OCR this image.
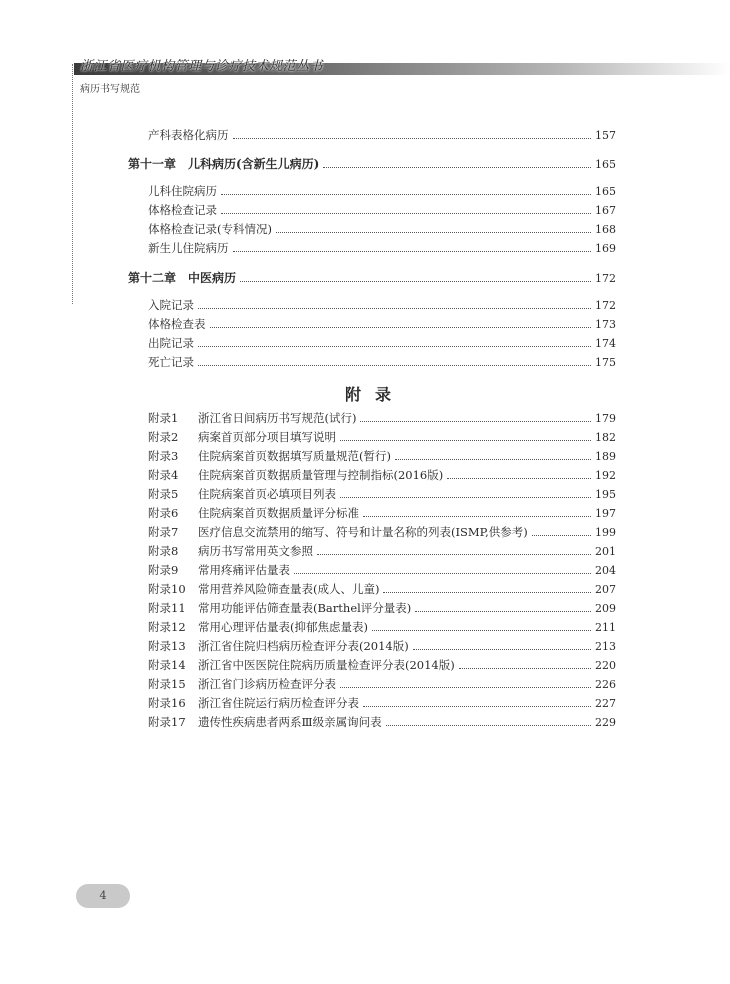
浙江省医疗机构管理与诊疗技术规范丛书
病历书写规范
产科表格化病历	157
第十一章　儿科病历(含新生儿病历)	165
儿科住院病历	165
体格检查记录	167
体格检查记录(专科情况)	168
新生儿住院病历	169
第十二章　中医病历	172
入院记录	172
体格检查表	173
出院记录	174
死亡记录	175
附录
附录1 浙江省日间病历书写规范(试行)	179
附录2 病案首页部分项目填写说明	182
附录3 住院病案首页数据填写质量规范(暂行)	189
附录4 住院病案首页数据质量管理与控制指标(2016版)	192
附录5 住院病案首页必填项目列表	195
附录6 住院病案首页数据质量评分标准	197
附录7 医疗信息交流禁用的缩写、符号和计量名称的列表(ISMP,供参考)	199
附录8 病历书写常用英文参照	201
附录9 常用疼痛评估量表	204
附录10 常用营养风险筛查量表(成人、儿童)	207
附录11 常用功能评估筛查量表(Barthel评分量表)	209
附录12 常用心理评估量表(抑郁焦虑量表)	211
附录13 浙江省住院归档病历检查评分表(2014版)	213
附录14 浙江省中医医院住院病历质量检查评分表(2014版)	220
附录15 浙江省门诊病历检查评分表	226
附录16 浙江省住院运行病历检查评分表	227
附录17 遗传性疾病患者两系Ⅲ级亲属询问表	229
4
